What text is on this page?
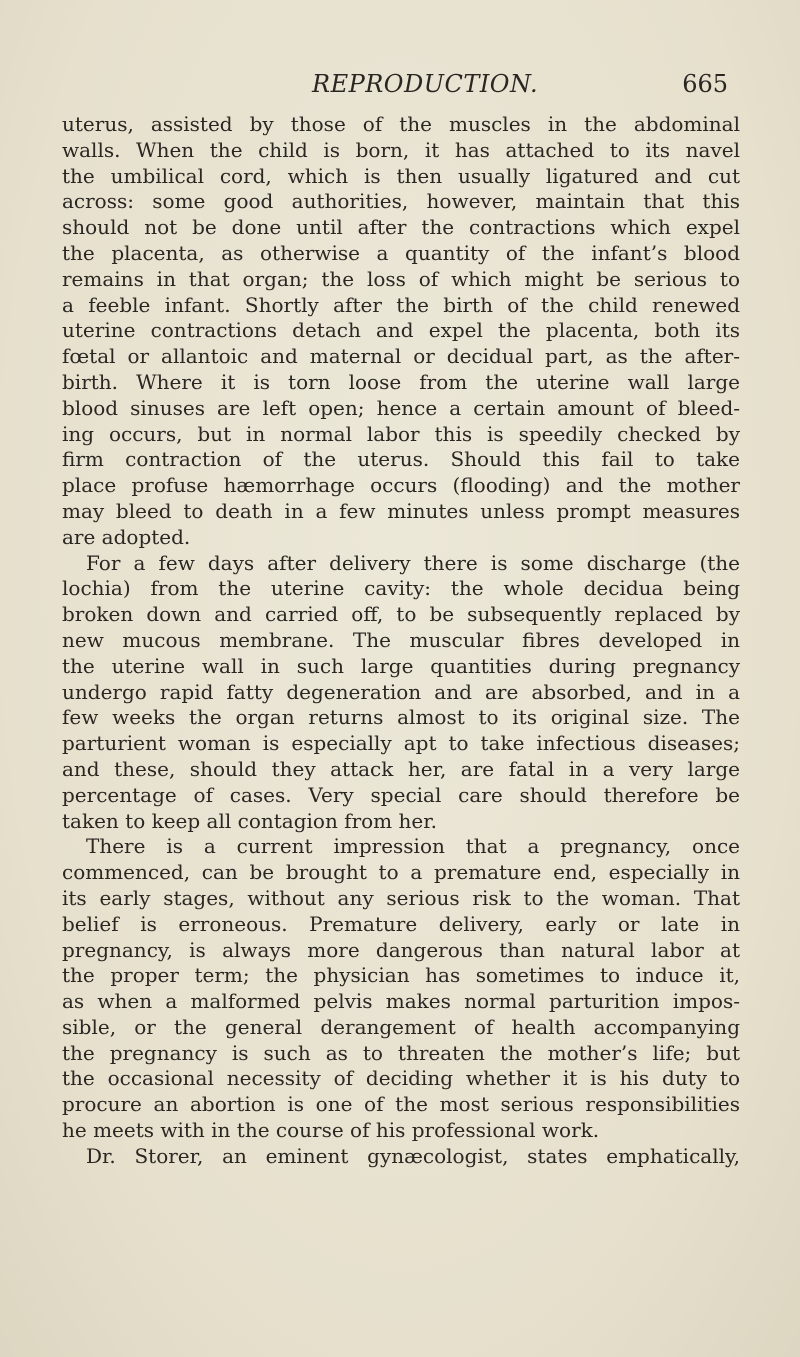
REPRODUCTION.	665
uterus, assisted by those of the muscles in the abdominal
walls. When the child is born, it has attached to its navel
the umbilical cord, which is then usually ligatured and cut
across: some good authorities, however, maintain that this
should not be done until after the contractions which expel
the placenta, as otherwise a quantity of the infant’s blood
remains in that organ; the loss of which might be serious to
a feeble infant. Shortly after the birth of the child renewed
uterine contractions detach and expel the placenta, both its
fœtal or allantoic and maternal or decidual part, as the after-
birth. Where it is torn loose from the uterine wall large
blood sinuses are left open; hence a certain amount of bleed-
ing occurs, but in normal labor this is speedily checked by
firm contraction of the uterus. Should this fail to take
place profuse hæmorrhage occurs (flooding) and the mother
may bleed to death in a few minutes unless prompt measures
are adopted.
For a few days after delivery there is some discharge (the
lochia) from the uterine cavity: the whole decidua being
broken down and carried off, to be subsequently replaced by
new mucous membrane. The muscular fibres developed in
the uterine wall in such large quantities during pregnancy
undergo rapid fatty degeneration and are absorbed, and in a
few weeks the organ returns almost to its original size. The
parturient woman is especially apt to take infectious diseases;
and these, should they attack her, are fatal in a very large
percentage of cases. Very special care should therefore be
taken to keep all contagion from her.
There is a current impression that a pregnancy, once
commenced, can be brought to a premature end, especially in
its early stages, without any serious risk to the woman. That
belief is erroneous. Premature delivery, early or late in
pregnancy, is always more dangerous than natural labor at
the proper term; the physician has sometimes to induce it,
as when a malformed pelvis makes normal parturition impos-
sible, or the general derangement of health accompanying
the pregnancy is such as to threaten the mother’s life; but
the occasional necessity of deciding whether it is his duty to
procure an abortion is one of the most serious responsibilities
he meets with in the course of his professional work.
Dr. Storer, an eminent gynæcologist, states emphatically,
